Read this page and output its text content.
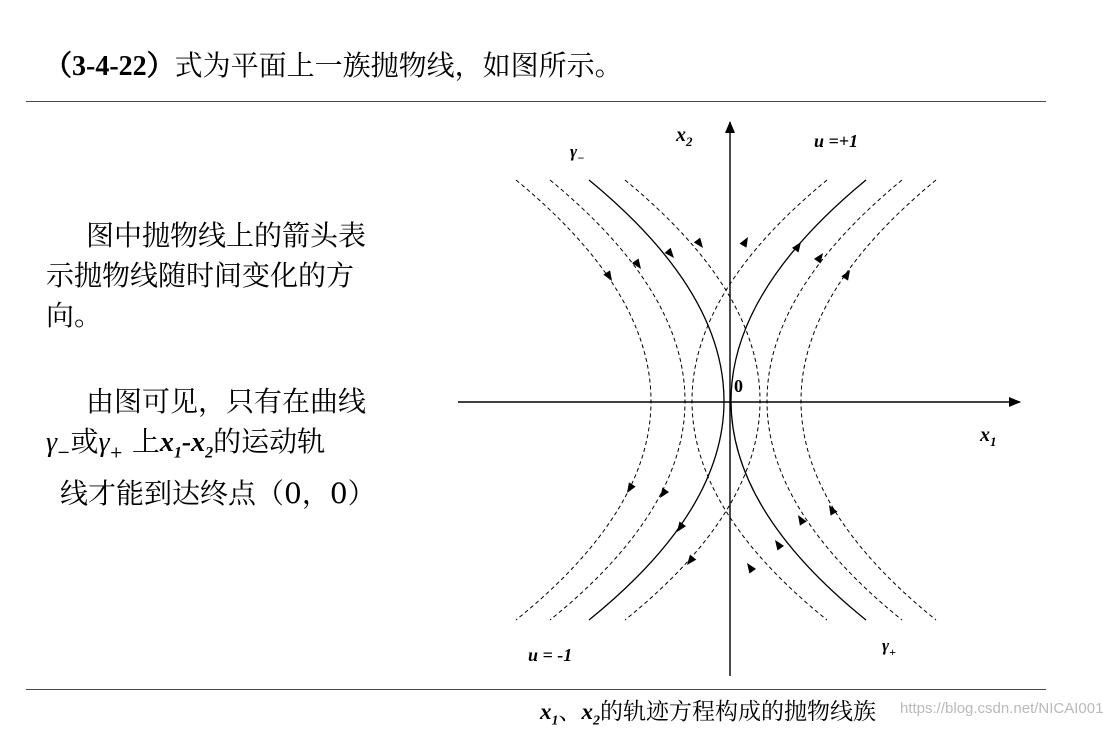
（3-4-22）式为平面上一族抛物线，如图所示。
图中抛物线上的箭头表
示抛物线随时间变化的方
向。
由图可见，只有在曲线
$\gamma_-$或$\gamma_+$ 上$x_1-x_2$的运动轨
线才能到达终点（0，0）
$x_2$
$x_1$
0
u =+1
u = -1
$\gamma_-$
$\gamma_+$
$x_1$、$x_2$的轨迹方程构成的抛物线族 https://blog.csdn.net/NICAI001
